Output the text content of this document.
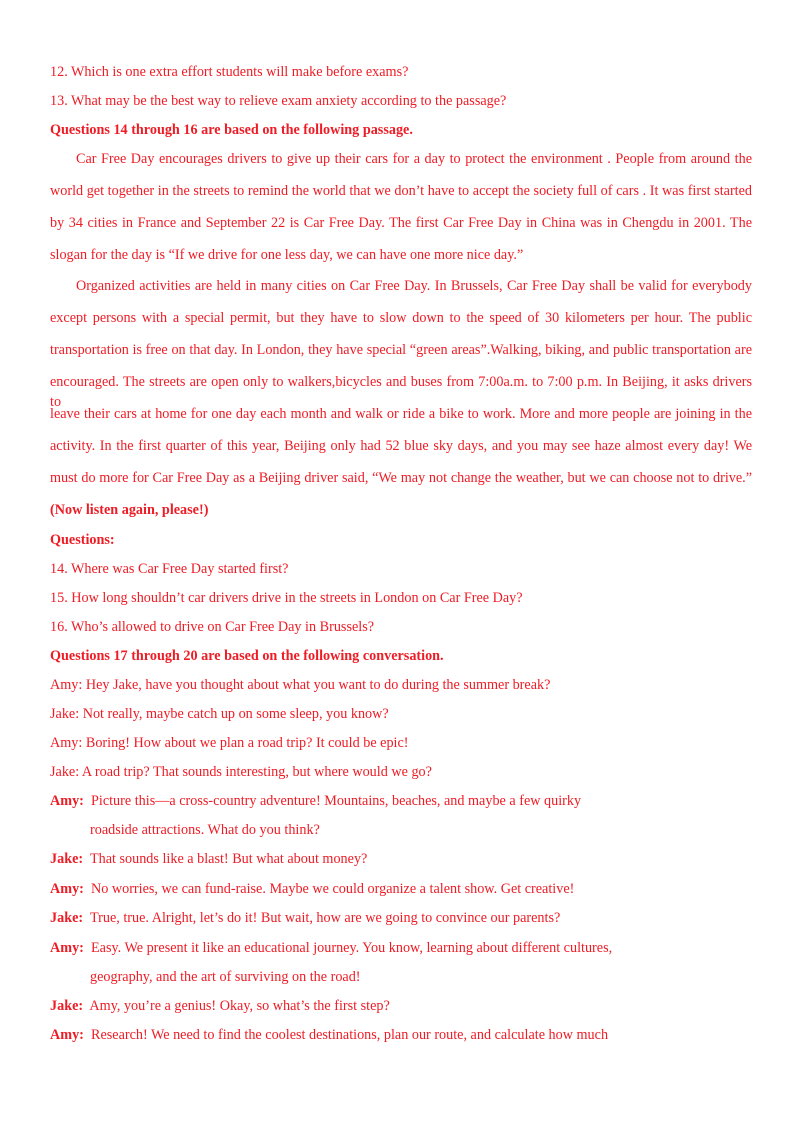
12. Which is one extra effort students will make before exams?
13. What may be the best way to relieve exam anxiety according to the passage?
Questions 14 through 16 are based on the following passage.
Car Free Day encourages drivers to give up their cars for a day to protect the environment . People from around the
world get together in the streets to remind the world that we don’t have to accept the society full of cars . It was first started
by 34 cities in France and September 22 is Car Free Day. The first Car Free Day in China was in Chengdu in 2001. The
slogan for the day is “If we drive for one less day, we can have one more nice day.”
Organized activities are held in many cities on Car Free Day. In Brussels, Car Free Day shall be valid for everybody
except persons with a special permit, but they have to slow down to the speed of 30 kilometers per hour. The public
transportation is free on that day. In London, they have special “green areas”.Walking, biking, and public transportation are
encouraged. The streets are open only to walkers,bicycles and buses from 7:00a.m. to 7:00 p.m. In Beijing, it asks drivers to
leave their cars at home for one day each month and walk or ride a bike to work. More and more people are joining in the
activity. In the first quarter of this year, Beijing only had 52 blue sky days, and you may see haze almost every day! We
must do more for Car Free Day as a Beijing driver said, “We may not change the weather, but we can choose not to drive.”
(Now listen again, please!)
Questions:
14. Where was Car Free Day started first?
15. How long shouldn’t car drivers drive in the streets in London on Car Free Day?
16. Who’s allowed to drive on Car Free Day in Brussels?
Questions 17 through 20 are based on the following conversation.
Amy: Hey Jake, have you thought about what you want to do during the summer break?
Jake: Not really, maybe catch up on some sleep, you know?
Amy: Boring! How about we plan a road trip? It could be epic!
Jake: A road trip? That sounds interesting, but where would we go?
Amy: Picture this—a cross-country adventure! Mountains, beaches, and maybe a few quirky
roadside attractions. What do you think?
Jake: That sounds like a blast! But what about money?
Amy: No worries, we can fund-raise. Maybe we could organize a talent show. Get creative!
Jake: True, true. Alright, let’s do it! But wait, how are we going to convince our parents?
Amy: Easy. We present it like an educational journey. You know, learning about different cultures,
geography, and the art of surviving on the road!
Jake: Amy, you’re a genius! Okay, so what’s the first step?
Amy: Research! We need to find the coolest destinations, plan our route, and calculate how much
